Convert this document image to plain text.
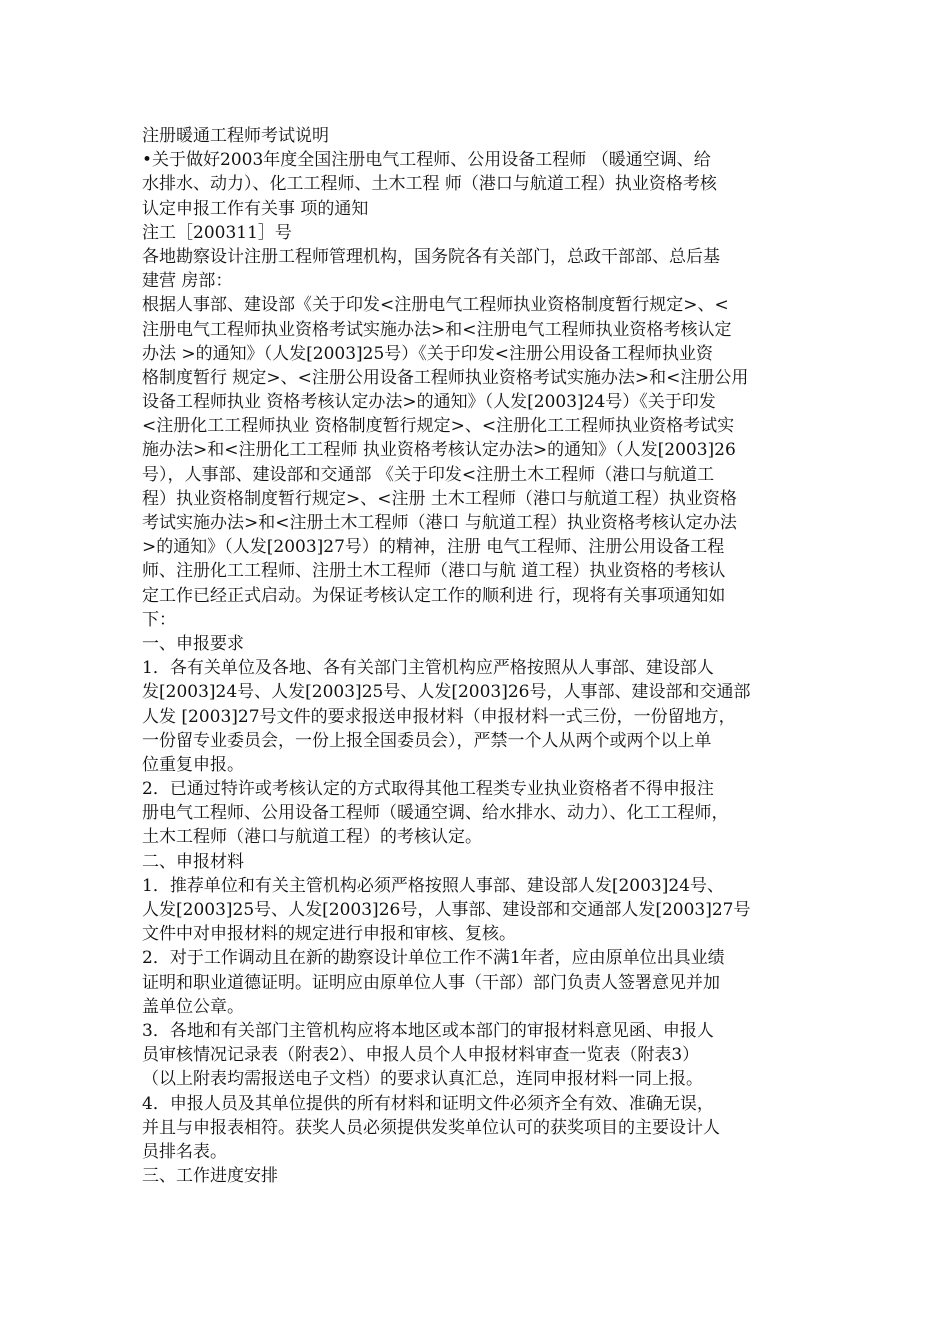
注册暖通工程师考试说明
•关于做好2003年度全国注册电气工程师、公用设备工程师 （暖通空调、给
水排水、动力）、化工工程师、土木工程 师（港口与航道工程）执业资格考核
认定申报工作有关事 项的通知
注工［200311］号
各地勘察设计注册工程师管理机构，国务院各有关部门，总政干部部、总后基
建营 房部：
根据人事部、建设部《关于印发<注册电气工程师执业资格制度暂行规定>、<
注册电气工程师执业资格考试实施办法>和<注册电气工程师执业资格考核认定
办法 >的通知》（人发[2003]25号）《关于印发<注册公用设备工程师执业资
格制度暂行 规定>、<注册公用设备工程师执业资格考试实施办法>和<注册公用
设备工程师执业 资格考核认定办法>的通知》（人发[2003]24号）《关于印发
<注册化工工程师执业 资格制度暂行规定>、<注册化工工程师执业资格考试实
施办法>和<注册化工工程师 执业资格考核认定办法>的通知》（人发[2003]26
号），人事部、建设部和交通部 《关于印发<注册土木工程师（港口与航道工
程）执业资格制度暂行规定>、<注册 土木工程师（港口与航道工程）执业资格
考试实施办法>和<注册土木工程师（港口 与航道工程）执业资格考核认定办法
>的通知》（人发[2003]27号）的精神，注册 电气工程师、注册公用设备工程
师、注册化工工程师、注册土木工程师（港口与航 道工程）执业资格的考核认
定工作已经正式启动。为保证考核认定工作的顺利进 行，现将有关事项通知如
下：
一、申报要求
1．各有关单位及各地、各有关部门主管机构应严格按照从人事部、建设部人
发[2003]24号、人发[2003]25号、人发[2003]26号，人事部、建设部和交通部
人发 [2003]27号文件的要求报送申报材料（申报材料一式三份，一份留地方，
一份留专业委员会，一份上报全国委员会），严禁一个人从两个或两个以上单
位重复申报。
2．已通过特许或考核认定的方式取得其他工程类专业执业资格者不得申报注
册电气工程师、公用设备工程师（暖通空调、给水排水、动力）、化工工程师，
土木工程师（港口与航道工程）的考核认定。
二、申报材料
1．推荐单位和有关主管机构必须严格按照人事部、建设部人发[2003]24号、
人发[2003]25号、人发[2003]26号，人事部、建设部和交通部人发[2003]27号
文件中对申报材料的规定进行申报和审核、复核。
2．对于工作调动且在新的勘察设计单位工作不满1年者，应由原单位出具业绩
证明和职业道德证明。证明应由原单位人事（干部）部门负责人签署意见并加
盖单位公章。
3．各地和有关部门主管机构应将本地区或本部门的审报材料意见函、申报人
员审核情况记录表（附表2）、申报人员个人申报材料审查一览表（附表3）
（以上附表均需报送电子文档）的要求认真汇总，连同申报材料一同上报。
4．申报人员及其单位提供的所有材料和证明文件必须齐全有效、准确无误，
并且与申报表相符。获奖人员必须提供发奖单位认可的获奖项目的主要设计人
员排名表。
三、工作进度安排
